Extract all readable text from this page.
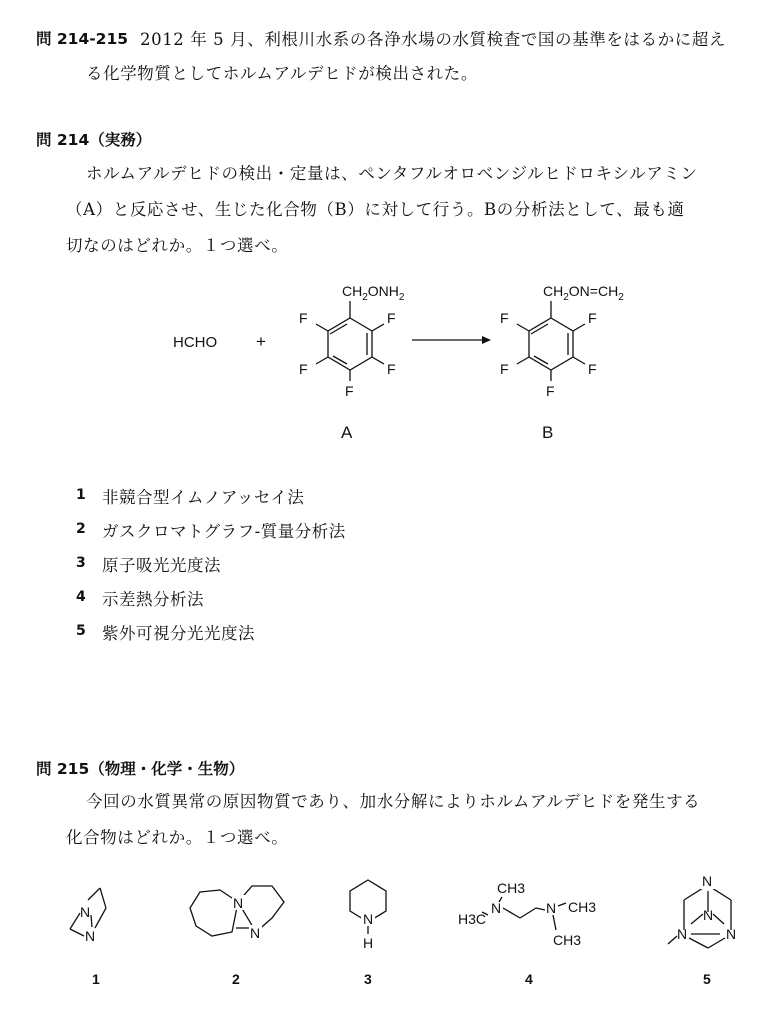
問 214-215 2012 年 5 月、利根川水系の各浄水場の水質検査で国の基準をはるかに超え
る化学物質としてホルムアルデヒドが検出された。
問 214（実務）
ホルムアルデヒドの検出・定量は、ペンタフルオロベンジルヒドロキシルアミン
（A）と反応させ、生じた化合物（B）に対して行う。Bの分析法として、最も適
切なのはどれか。１つ選べ。
HCHO +
$CH_2ONH_2$
F	F
F	F
F
$CH_2ON=CH_2$
F	F
F	F
F
A	B
1 非競合型イムノアッセイ法
2 ガスクロマトグラフ-質量分析法
3 原子吸光光度法
4 示差熱分析法
5 紫外可視分光光度法
問 215（物理・化学・生物）
今回の水質異常の原因物質であり、加水分解によりホルムアルデヒドを発生する
化合物はどれか。１つ選べ。
N
N
N
N
N
H
CH3
H3C
N	N CH3
CH3
N
N
N	N
1	2	3	4	5
